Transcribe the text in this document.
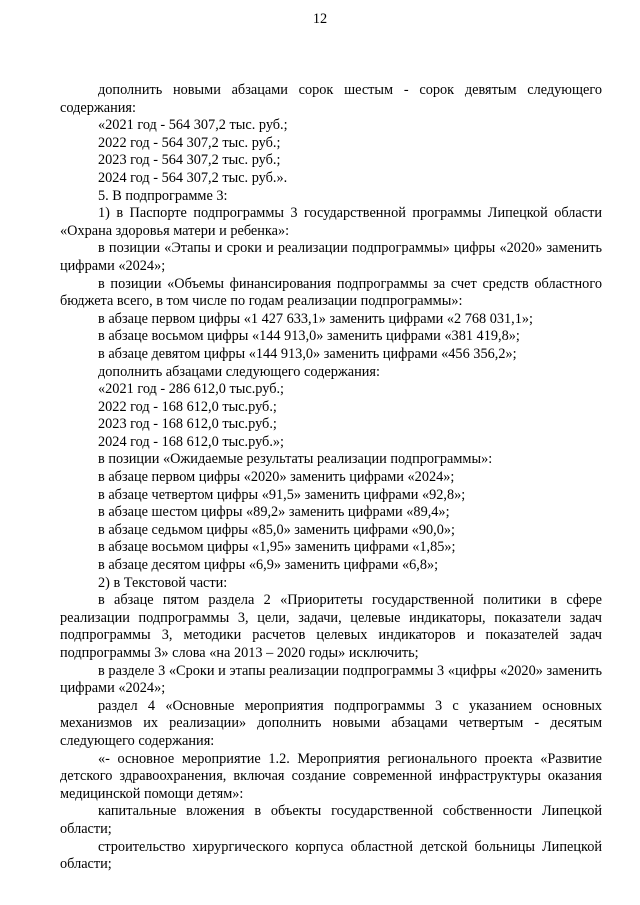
12

дополнить новыми абзацами сорок шестым - сорок девятым следующего содержания:

«2021 год - 564 307,2 тыс. руб.;
2022 год - 564 307,2 тыс. руб.;
2023 год - 564 307,2 тыс. руб.;
2024 год - 564 307,2 тыс. руб.».
5. В подпрограмме 3:

1) в Паспорте подпрограммы 3 государственной программы Липецкой области «Охрана здоровья матери и ребенка»:

в позиции «Этапы и сроки и реализации подпрограммы» цифры «2020» заменить цифрами «2024»;

в позиции «Объемы финансирования подпрограммы за счет средств областного бюджета всего, в том числе по годам реализации подпрограммы»:

в абзаце первом цифры «1 427 633,1» заменить цифрами «2 768 031,1»;
в абзаце восьмом цифры «144 913,0» заменить цифрами «381 419,8»;
в абзаце девятом цифры «144 913,0» заменить цифрами «456 356,2»;
дополнить абзацами следующего содержания:
«2021 год - 286 612,0 тыс.руб.;
2022 год - 168 612,0 тыс.руб.;
2023 год - 168 612,0 тыс.руб.;
2024 год - 168 612,0 тыс.руб.»;
в позиции «Ожидаемые результаты реализации подпрограммы»:
в абзаце первом цифры «2020» заменить цифрами «2024»;
в абзаце четвертом цифры «91,5» заменить цифрами «92,8»;
в абзаце шестом цифры «89,2» заменить цифрами «89,4»;
в абзаце седьмом цифры «85,0» заменить цифрами «90,0»;
в абзаце восьмом цифры «1,95» заменить цифрами «1,85»;
в абзаце десятом цифры «6,9» заменить цифрами «6,8»;
2) в Текстовой части:

в абзаце пятом раздела 2 «Приоритеты государственной политики в сфере реализации подпрограммы 3, цели, задачи, целевые индикаторы, показатели задач подпрограммы 3, методики расчетов целевых индикаторов и показателей задач подпрограммы 3» слова «на 2013 – 2020 годы» исключить;

в разделе 3 «Сроки и этапы реализации подпрограммы 3 «цифры «2020» заменить цифрами «2024»;

раздел 4 «Основные мероприятия подпрограммы 3 с указанием основных механизмов их реализации» дополнить новыми абзацами четвертым - десятым следующего содержания:

«- основное мероприятие 1.2. Мероприятия регионального проекта «Развитие детского здравоохранения, включая создание современной инфраструктуры оказания медицинской помощи детям»:

капитальные вложения в объекты государственной собственности Липецкой области;

строительство хирургического корпуса областной детской больницы Липецкой области;
